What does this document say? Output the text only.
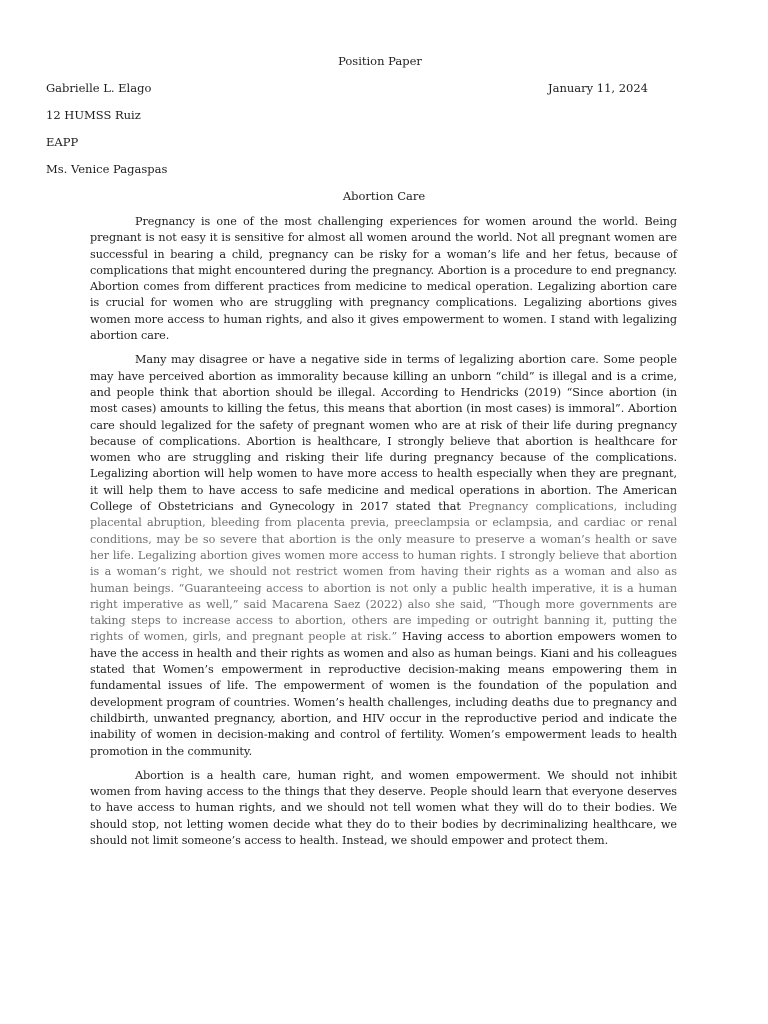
Position Paper
Gabrielle L. Elago	January 11, 2024
12 HUMSS Ruiz
EAPP
Ms. Venice Pagaspas
Abortion Care

Pregnancy is one of the most challenging experiences for women around the world. Being pregnant is not easy it is sensitive for almost all women around the world. Not all pregnant women are successful in bearing a child, pregnancy can be risky for a woman’s life and her fetus, because of complications that might encountered during the pregnancy. Abortion is a procedure to end pregnancy. Abortion comes from different practices from medicine to medical operation. Legalizing abortion care is crucial for women who are struggling with pregnancy complications. Legalizing abortions gives women more access to human rights, and also it gives empowerment to women. I stand with legalizing abortion care.

Many may disagree or have a negative side in terms of legalizing abortion care. Some people may have perceived abortion as immorality because killing an unborn “child” is illegal and is a crime, and people think that abortion should be illegal. According to Hendricks (2019) “Since abortion (in most cases) amounts to killing the fetus, this means that abortion (in most cases) is immoral”. Abortion care should legalized for the safety of pregnant women who are at risk of their life during pregnancy because of complications. Abortion is healthcare, I strongly believe that abortion is healthcare for women who are struggling and risking their life during pregnancy because of the complications. Legalizing abortion will help women to have more access to health especially when they are pregnant, it will help them to have access to safe medicine and medical operations in abortion. The American College of Obstetricians and Gynecology in 2017 stated that Pregnancy complications, including placental abruption, bleeding from placenta previa, preeclampsia or eclampsia, and cardiac or renal conditions, may be so severe that abortion is the only measure to preserve a woman’s health or save her life. Legalizing abortion gives women more access to human rights. I strongly believe that abortion is a woman’s right, we should not restrict women from having their rights as a woman and also as human beings. “Guaranteeing access to abortion is not only a public health imperative, it is a human right imperative as well,” said Macarena Saez (2022) also she said, “Though more governments are taking steps to increase access to abortion, others are impeding or outright banning it, putting the rights of women, girls, and pregnant people at risk.” Having access to abortion empowers women to have the access in health and their rights as women and also as human beings. Kiani and his colleagues stated that Women’s empowerment in reproductive decision-making means empowering them in fundamental issues of life. The empowerment of women is the foundation of the population and development program of countries. Women’s health challenges, including deaths due to pregnancy and childbirth, unwanted pregnancy, abortion, and HIV occur in the reproductive period and indicate the inability of women in decision-making and control of fertility. Women’s empowerment leads to health promotion in the community.

Abortion is a health care, human right, and women empowerment. We should not inhibit women from having access to the things that they deserve. People should learn that everyone deserves to have access to human rights, and we should not tell women what they will do to their bodies. We should stop, not letting women decide what they do to their bodies by decriminalizing healthcare, we should not limit someone’s access to health. Instead, we should empower and protect them.
